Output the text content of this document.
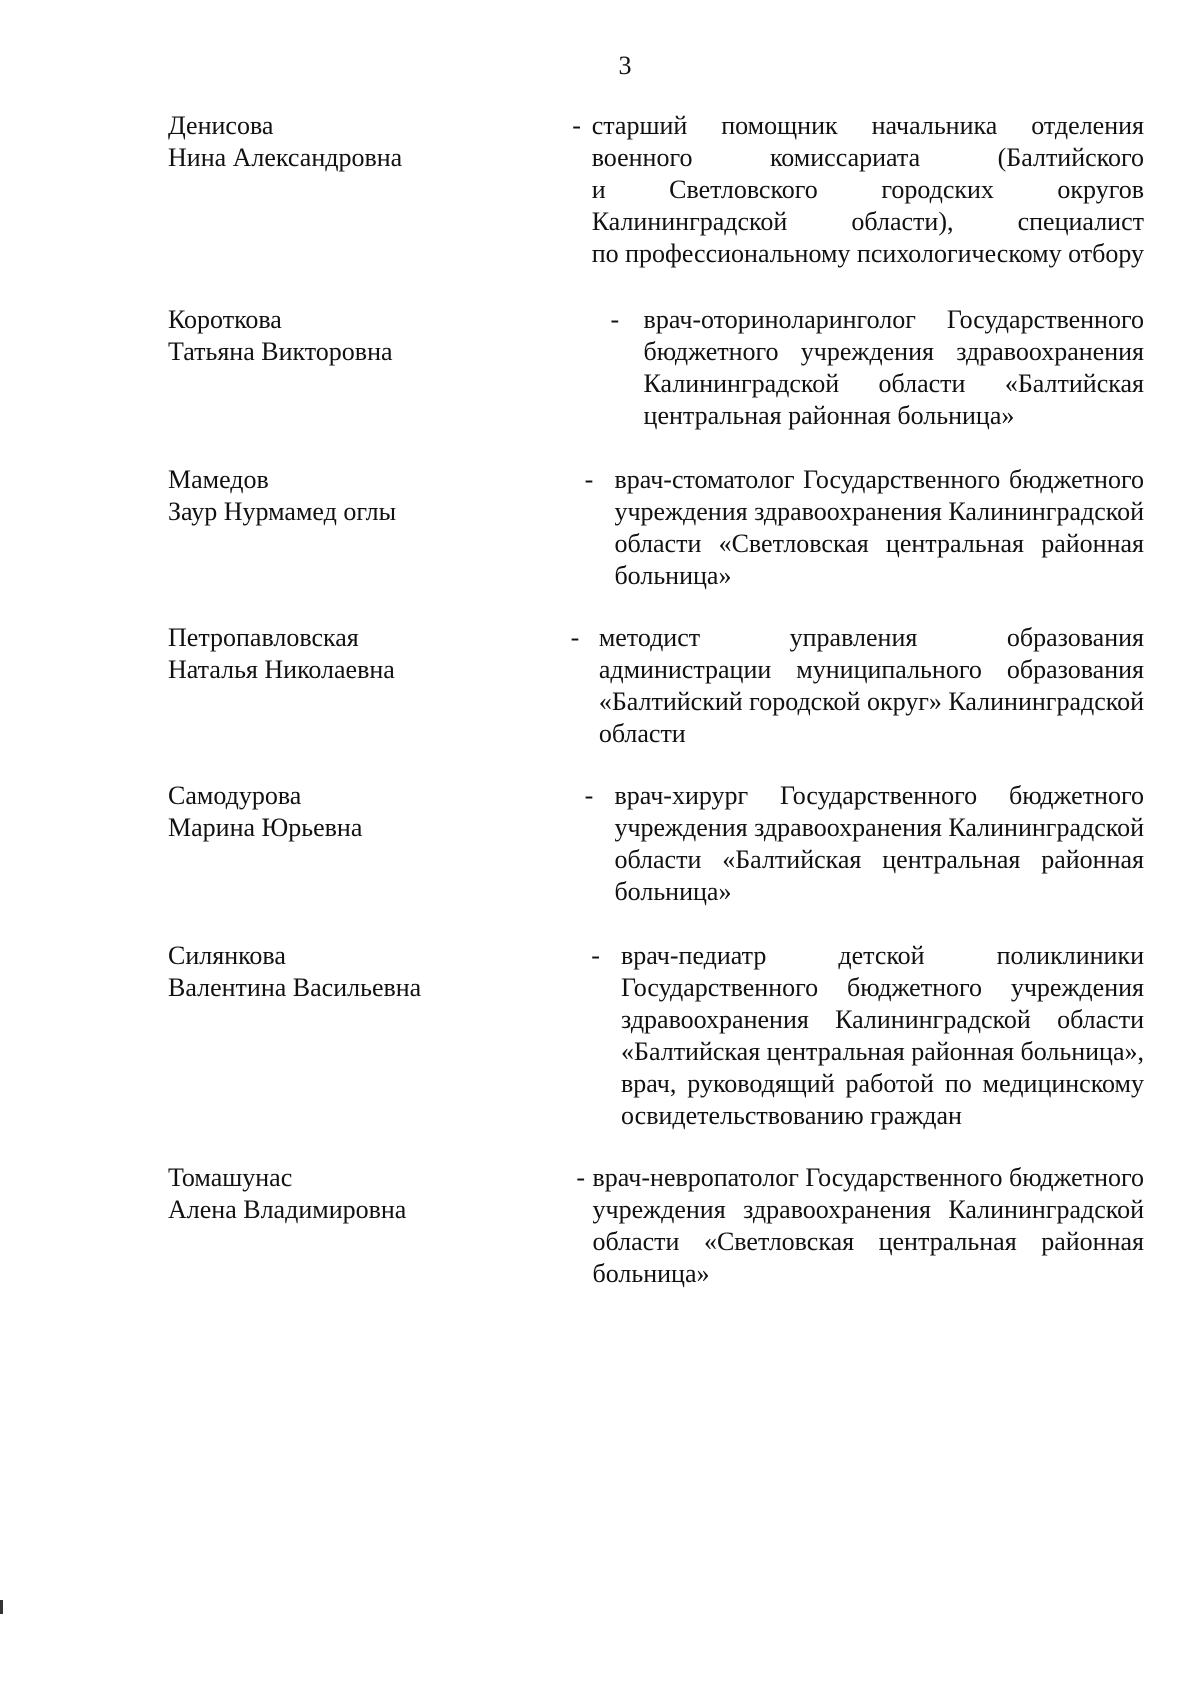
3
Денисова
Нина Александровна
- старший помощник начальника отделения
военного комиссариата (Балтийского
и Светловского городских округов
Калининградской области), специалист
по профессиональному психологическому отбору
Короткова
Татьяна Викторовна
- врач-оториноларинголог Государственного
бюджетного учреждения здравоохранения
Калининградской области «Балтийская
центральная районная больница»
Мамедов
Заур Нурмамед оглы
- врач-стоматолог Государственного бюджетного
учреждения здравоохранения Калининградской
области «Светловская центральная районная
больница»
Петропавловская
Наталья Николаевна
- методист управления образования
администрации муниципального образования
«Балтийский городской округ» Калининградской
области
Самодурова
Марина Юрьевна
- врач-хирург Государственного бюджетного
учреждения здравоохранения Калининградской
области «Балтийская центральная районная
больница»
Силянкова
Валентина Васильевна
- врач-педиатр детской поликлиники
Государственного бюджетного учреждения
здравоохранения Калининградской области
«Балтийская центральная районная больница»,
врач, руководящий работой по медицинскому
освидетельствованию граждан
Томашунас
Алена Владимировна
- врач-невропатолог Государственного бюджетного
учреждения здравоохранения Калининградской
области «Светловская центральная районная
больница»
